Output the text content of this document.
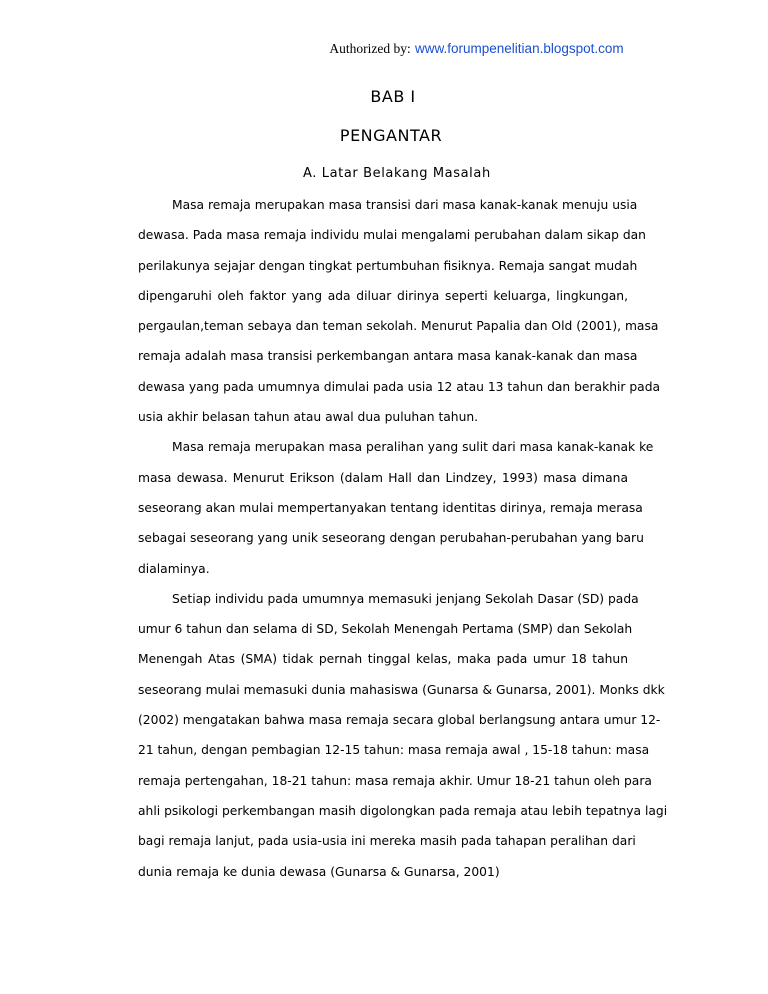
Authorized by: www.forumpenelitian.blogspot.com
BAB I
PENGANTAR
A. Latar Belakang Masalah

Masa remaja merupakan masa transisi dari masa kanak-kanak menuju usia

dewasa. Pada masa remaja individu mulai mengalami perubahan dalam sikap dan

perilakunya sejajar dengan tingkat pertumbuhan fisiknya. Remaja sangat mudah

dipengaruhi oleh faktor yang ada diluar dirinya seperti keluarga, lingkungan,

pergaulan,teman sebaya dan teman sekolah. Menurut Papalia dan Old (2001), masa

remaja adalah masa transisi perkembangan antara masa kanak-kanak dan masa

dewasa yang pada umumnya dimulai pada usia 12 atau 13 tahun dan berakhir pada

usia akhir belasan tahun atau awal dua puluhan tahun.

Masa remaja merupakan masa peralihan yang sulit dari masa kanak-kanak ke

masa dewasa. Menurut Erikson (dalam Hall dan Lindzey, 1993) masa dimana

seseorang akan mulai mempertanyakan tentang identitas dirinya, remaja merasa

sebagai seseorang yang unik seseorang dengan perubahan-perubahan yang baru

dialaminya.

Setiap individu pada umumnya memasuki jenjang Sekolah Dasar (SD) pada

umur 6 tahun dan selama di SD, Sekolah Menengah Pertama (SMP) dan Sekolah

Menengah Atas (SMA) tidak pernah tinggal kelas, maka pada umur 18 tahun

seseorang mulai memasuki dunia mahasiswa (Gunarsa & Gunarsa, 2001). Monks dkk

(2002) mengatakan bahwa masa remaja secara global berlangsung antara umur 12-

21 tahun, dengan pembagian 12-15 tahun: masa remaja awal , 15-18 tahun: masa

remaja pertengahan, 18-21 tahun: masa remaja akhir. Umur 18-21 tahun oleh para

ahli psikologi perkembangan masih digolongkan pada remaja atau lebih tepatnya lagi

bagi remaja lanjut, pada usia-usia ini mereka masih pada tahapan peralihan dari

dunia remaja ke dunia dewasa (Gunarsa & Gunarsa, 2001)
